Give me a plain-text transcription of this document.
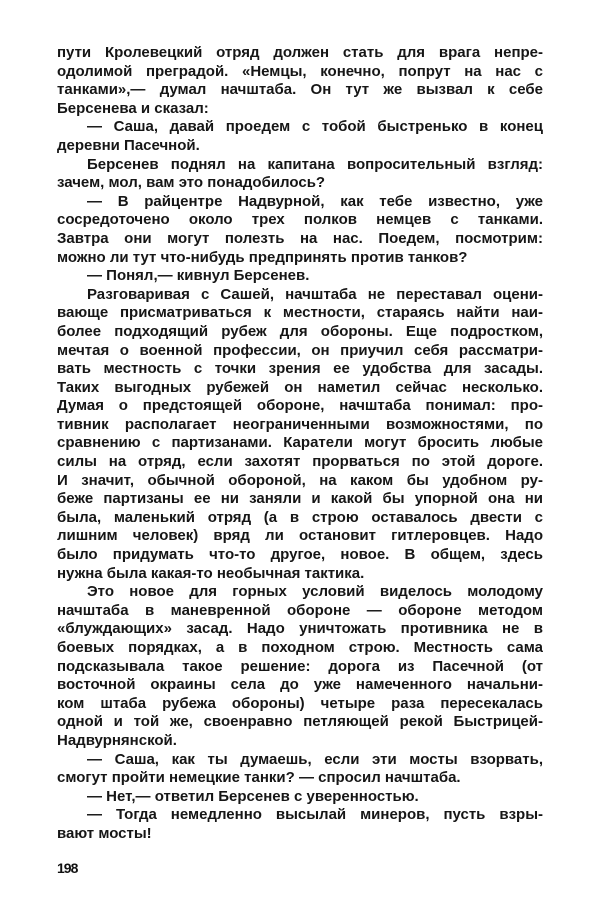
пути Кролевецкий отряд должен стать для врага непре-
одолимой преградой. «Немцы, конечно, попрут на нас с
танками»,— думал начштаба. Он тут же вызвал к себе
Берсенева и сказал:
— Саша, давай проедем с тобой быстренько в конец
деревни Пасечной.
Берсенев поднял на капитана вопросительный взгляд:
зачем, мол, вам это понадобилось?
— В райцентре Надвурной, как тебе известно, уже
сосредоточено около трех полков немцев с танками.
Завтра они могут полезть на нас. Поедем, посмотрим:
можно ли тут что-нибудь предпринять против танков?
— Понял,— кивнул Берсенев.
Разговаривая с Сашей, начштаба не переставал оцени-
вающе присматриваться к местности, стараясь найти наи-
более подходящий рубеж для обороны. Еще подростком,
мечтая о военной профессии, он приучил себя рассматри-
вать местность с точки зрения ее удобства для засады.
Таких выгодных рубежей он наметил сейчас несколько.
Думая о предстоящей обороне, начштаба понимал: про-
тивник располагает неограниченными возможностями, по
сравнению с партизанами. Каратели могут бросить любые
силы на отряд, если захотят прорваться по этой дороге.
И значит, обычной обороной, на каком бы удобном ру-
беже партизаны ее ни заняли и какой бы упорной она ни
была, маленький отряд (а в строю оставалось двести с
лишним человек) вряд ли остановит гитлеровцев. Надо
было придумать что-то другое, новое. В общем, здесь
нужна была какая-то необычная тактика.
Это новое для горных условий виделось молодому
начштаба в маневренной обороне — обороне методом
«блуждающих» засад. Надо уничтожать противника не в
боевых порядках, а в походном строю. Местность сама
подсказывала такое решение: дорога из Пасечной (от
восточной окраины села до уже намеченного начальни-
ком штаба рубежа обороны) четыре раза пересекалась
одной и той же, своенравно петляющей рекой Быстрицей-
Надвурнянской.
— Саша, как ты думаешь, если эти мосты взорвать,
смогут пройти немецкие танки? — спросил начштаба.
— Нет,— ответил Берсенев с уверенностью.
— Тогда немедленно высылай минеров, пусть взры-
вают мосты!
198
